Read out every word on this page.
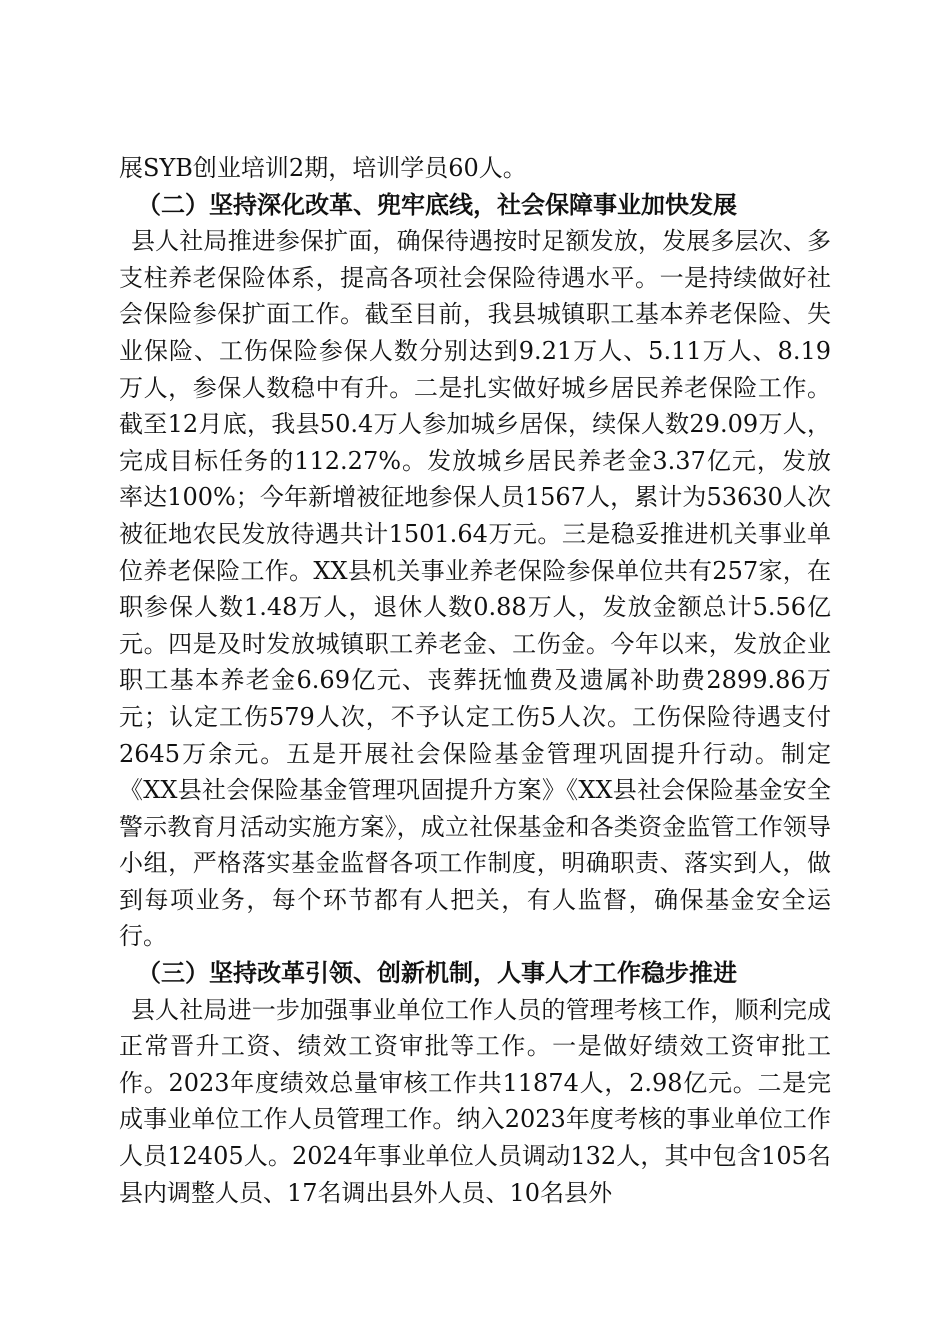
展SYB创业培训2期，培训学员60人。

（二）坚持深化改革、兜牢底线，社会保障事业加快发展

县人社局推进参保扩面，确保待遇按时足额发放，发展多层次、多支柱养老保险体系，提高各项社会保险待遇水平。一是持续做好社会保险参保扩面工作。截至目前，我县城镇职工基本养老保险、失业保险、工伤保险参保人数分别达到9.21万人、5.11万人、8.19万人，参保人数稳中有升。二是扎实做好城乡居民养老保险工作。截至12月底，我县50.4万人参加城乡居保，续保人数29.09万人，完成目标任务的112.27%。发放城乡居民养老金3.37亿元，发放率达100%；今年新增被征地参保人员1567人，累计为53630人次被征地农民发放待遇共计1501.64万元。三是稳妥推进机关事业单位养老保险工作。XX县机关事业养老保险参保单位共有257家，在职参保人数1.48万人，退休人数0.88万人，发放金额总计5.56亿元。四是及时发放城镇职工养老金、工伤金。今年以来，发放企业职工基本养老金6.69亿元、丧葬抚恤费及遗属补助费2899.86万元；认定工伤579人次，不予认定工伤5人次。工伤保险待遇支付2645万余元。五是开展社会保险基金管理巩固提升行动。制定《XX县社会保险基金管理巩固提升方案》《XX县社会保险基金安全警示教育月活动实施方案》，成立社保基金和各类资金监管工作领导小组，严格落实基金监督各项工作制度，明确职责、落实到人，做到每项业务，每个环节都有人把关，有人监督，确保基金安全运行。

（三）坚持改革引领、创新机制，人事人才工作稳步推进

县人社局进一步加强事业单位工作人员的管理考核工作，顺利完成正常晋升工资、绩效工资审批等工作。一是做好绩效工资审批工作。2023年度绩效总量审核工作共11874人，2.98亿元。二是完成事业单位工作人员管理工作。纳入2023年度考核的事业单位工作人员12405人。2024年事业单位人员调动132人，其中包含105名县内调整人员、17名调出县外人员、10名县外
